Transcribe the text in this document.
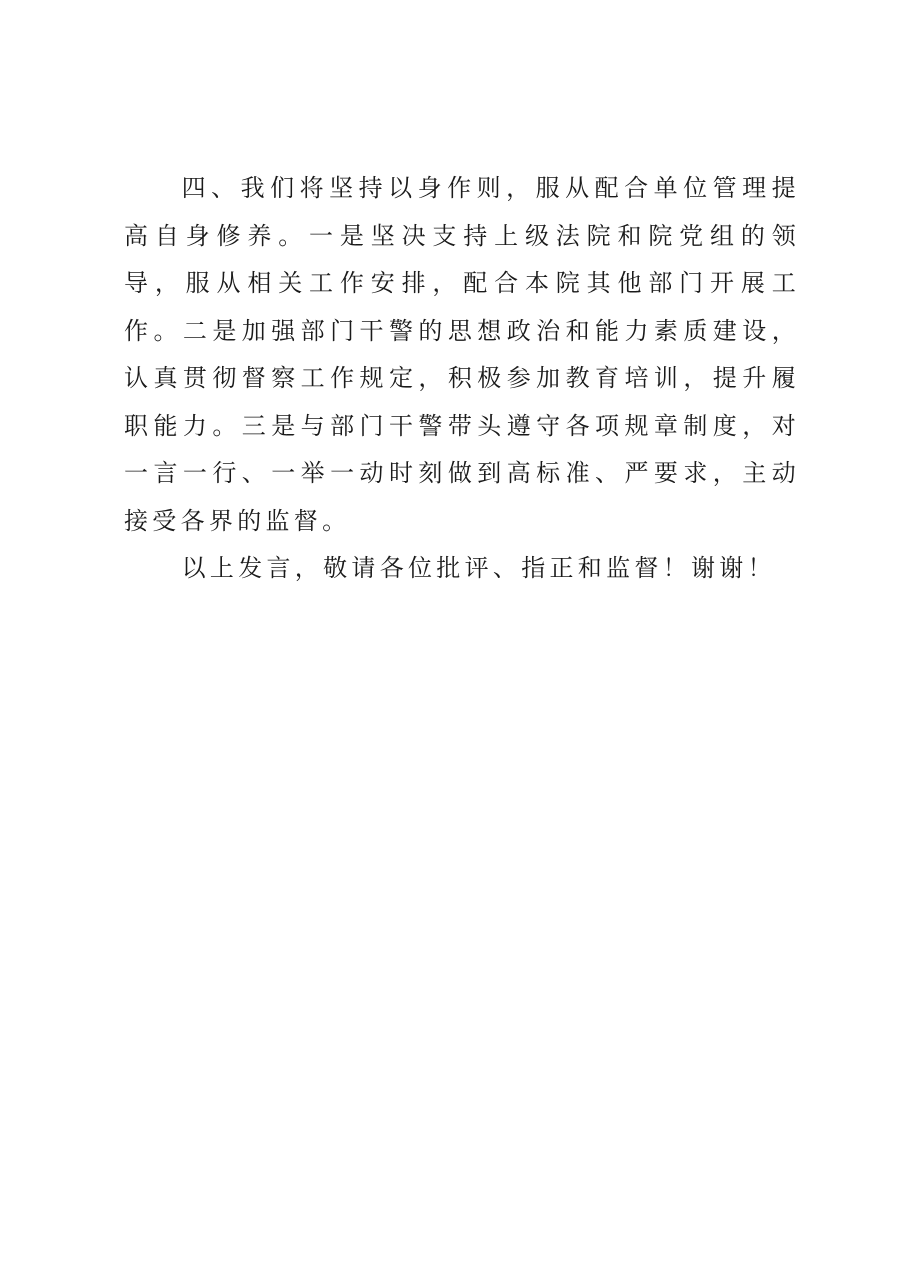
四、我们将坚持以身作则，服从配合单位管理提高自身修养。一是坚决支持上级法院和院党组的领导，服从相关工作安排，配合本院其他部门开展工作。二是加强部门干警的思想政治和能力素质建设，认真贯彻督察工作规定，积极参加教育培训，提升履职能力。三是与部门干警带头遵守各项规章制度，对一言一行、一举一动时刻做到高标准、严要求，主动接受各界的监督。

以上发言，敬请各位批评、指正和监督！谢谢！
